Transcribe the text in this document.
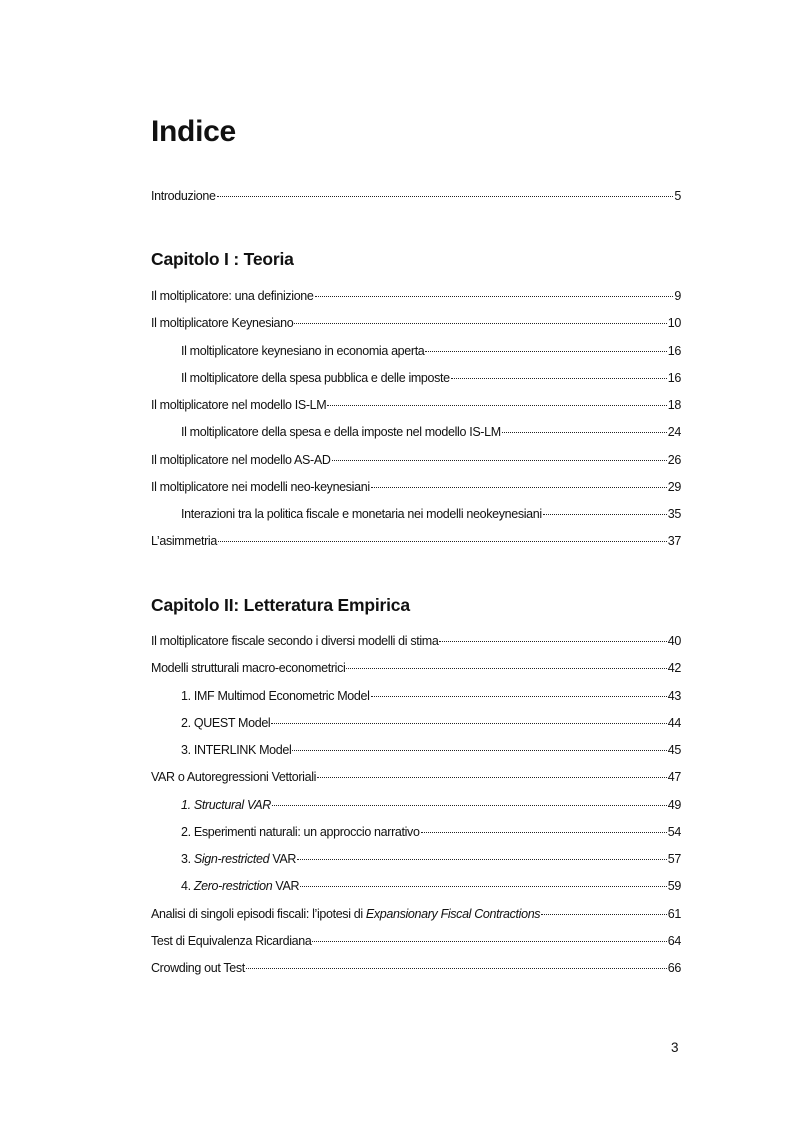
Indice
Introduzione	5
Capitolo I : Teoria
Il moltiplicatore: una definizione	9
Il moltiplicatore Keynesiano	10
Il moltiplicatore keynesiano in economia aperta	16
Il moltiplicatore della spesa pubblica e delle imposte	16
Il moltiplicatore nel modello IS-LM	18
Il moltiplicatore della spesa e della imposte nel modello IS-LM	24
Il moltiplicatore nel modello AS-AD	26
Il moltiplicatore nei modelli neo-keynesiani	29
Interazioni tra la politica fiscale e monetaria nei modelli neokeynesiani	35
L’asimmetria	37
Capitolo II: Letteratura Empirica
Il moltiplicatore fiscale secondo i diversi modelli di stima	40
Modelli strutturali macro-econometrici	42
1. IMF Multimod Econometric Model	43
2. QUEST Model	44
3. INTERLINK Model	45
VAR o Autoregressioni Vettoriali	47
1. Structural VAR	49
2. Esperimenti naturali: un approccio narrativo	54
3. Sign-restricted VAR	57
4. Zero-restriction VAR	59
Analisi di singoli episodi fiscali: l’ipotesi di Expansionary Fiscal Contractions	61
Test di Equivalenza Ricardiana	64
Crowding out Test	66
3
